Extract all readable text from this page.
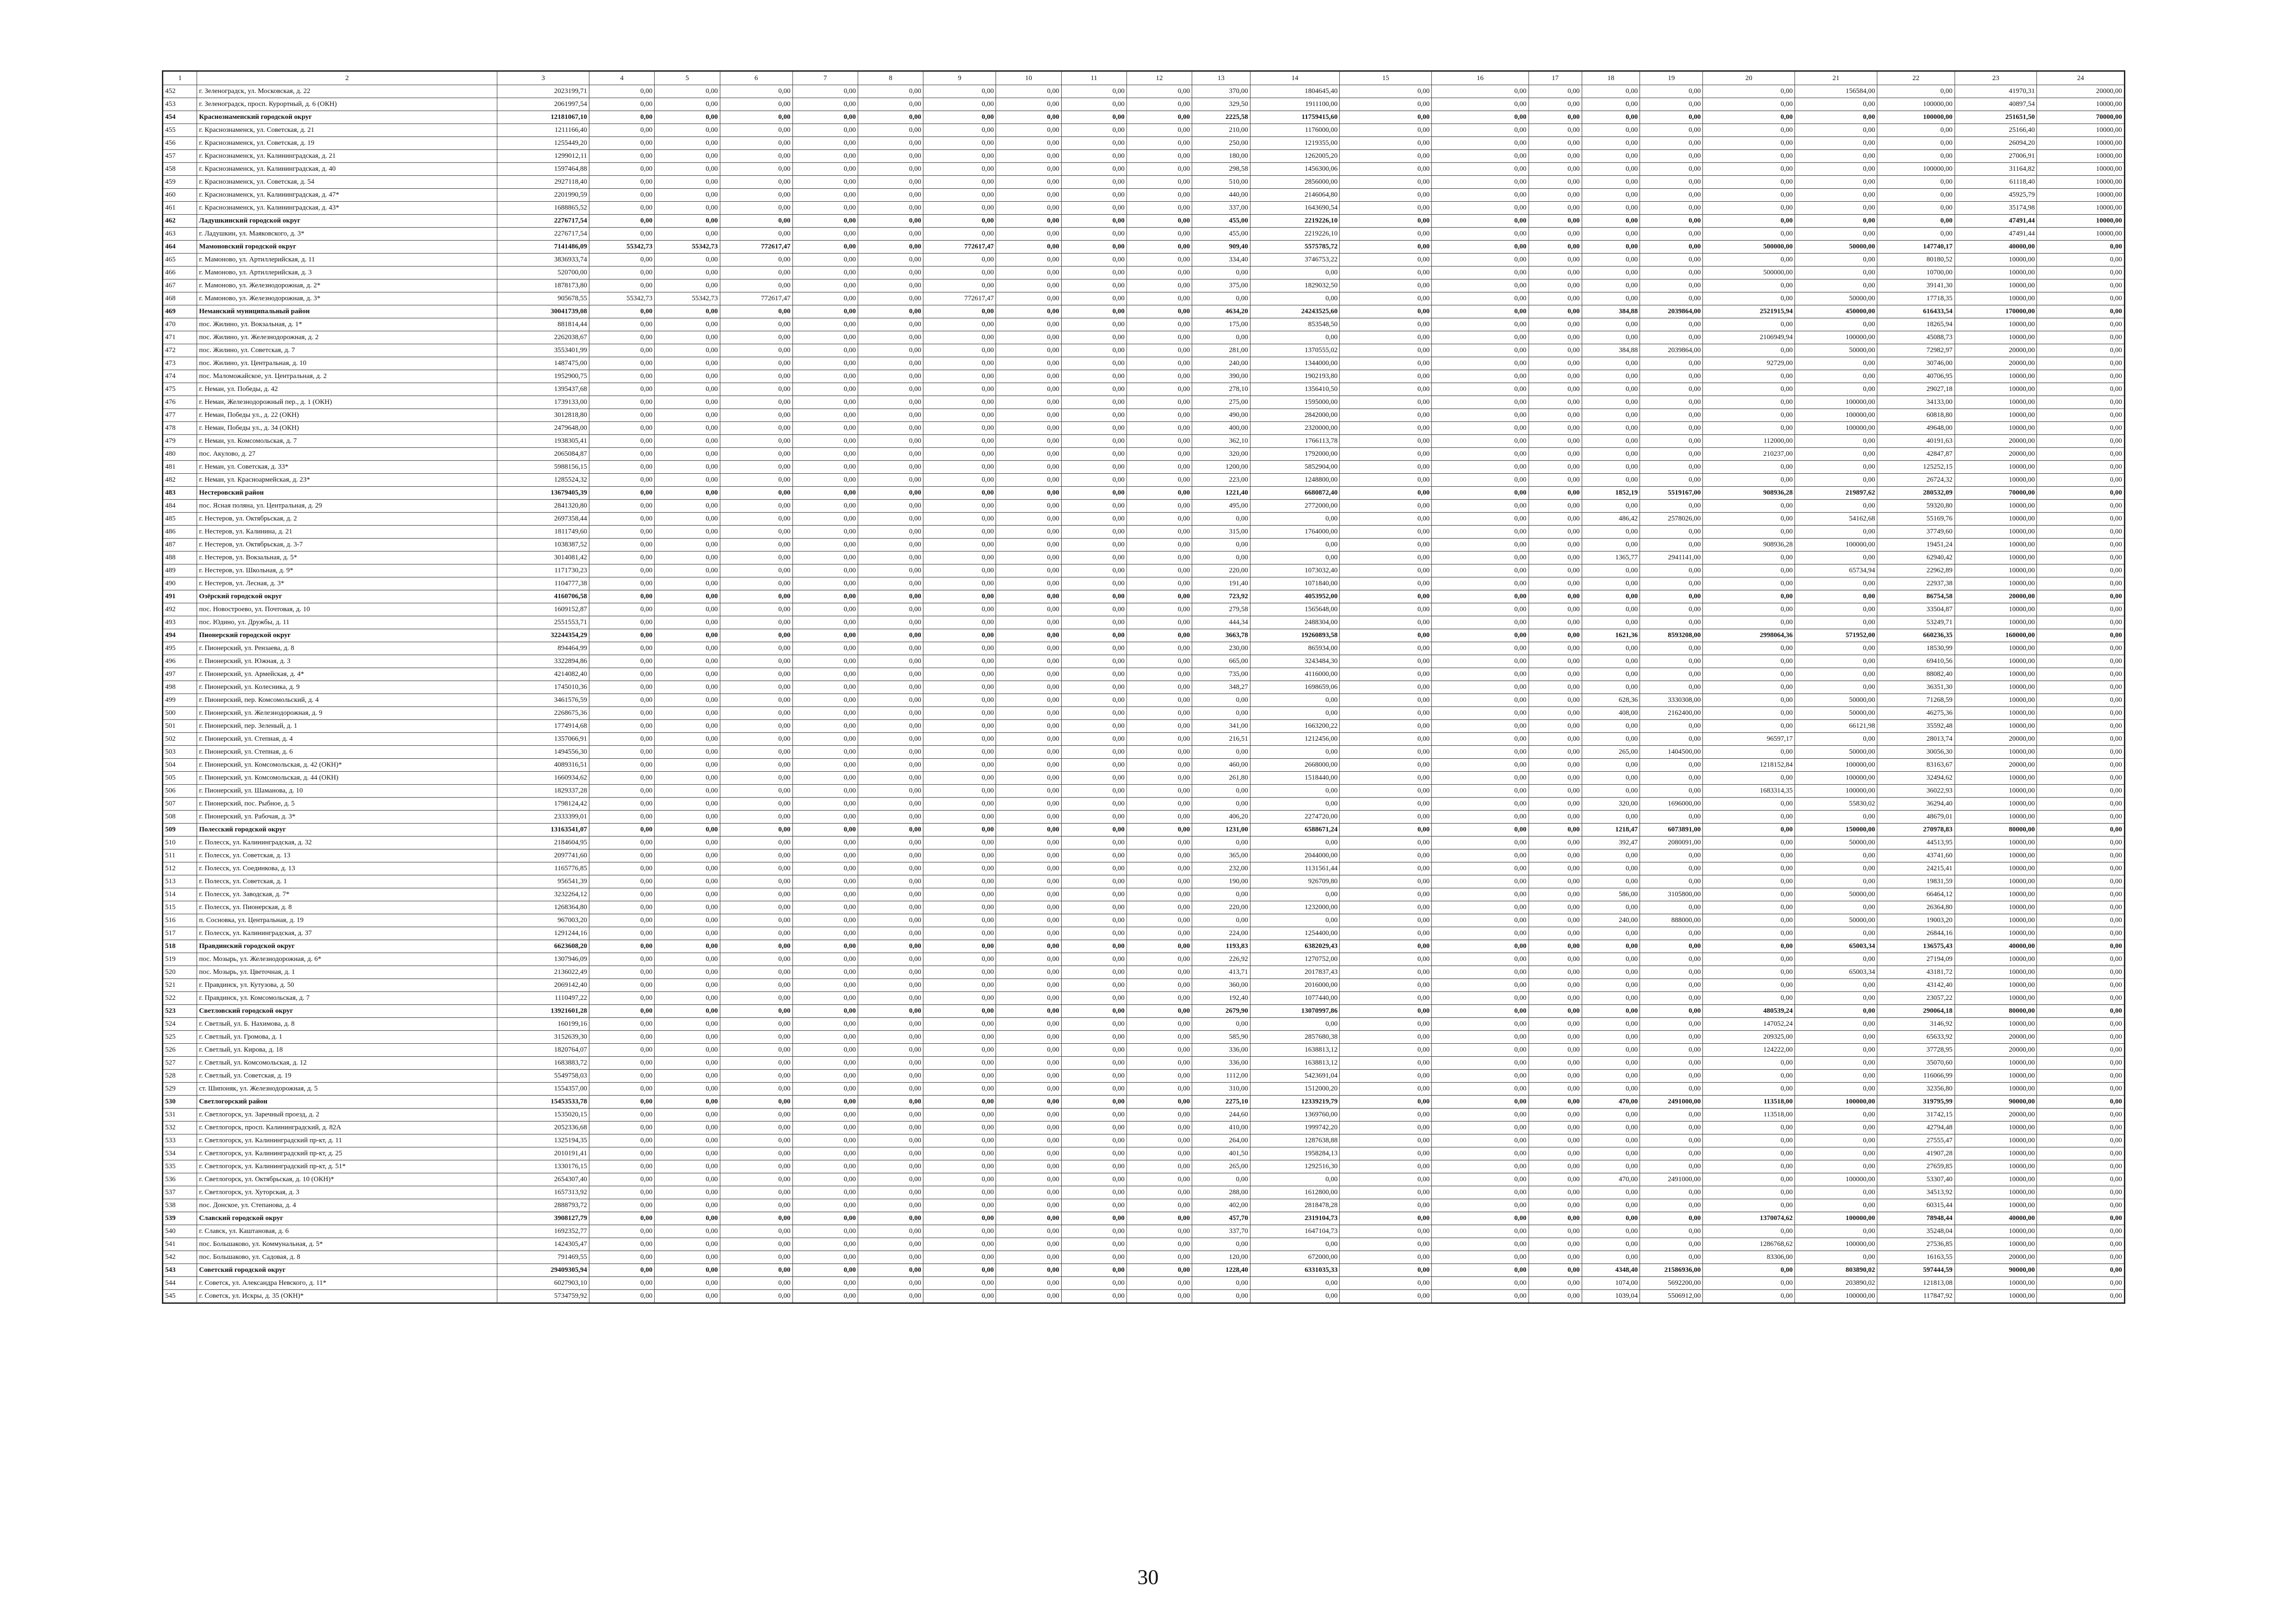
1	2	3	4	5	6	7	8	9	10	11	12	13	14	15	16	17	18	19	20	21	22	23	24
452	г. Зеленоградск, ул. Московская, д. 22	2023199,71	0,00	0,00	0,00	0,00	0,00	0,00	0,00	0,00	0,00	370,00	1804645,40	0,00	0,00	0,00	0,00	0,00	0,00	156584,00	0,00	41970,31	20000,00
453	г. Зеленоградск, просп. Курортный, д. 6 (ОКН)	2061997,54	0,00	0,00	0,00	0,00	0,00	0,00	0,00	0,00	0,00	329,50	1911100,00	0,00	0,00	0,00	0,00	0,00	0,00	0,00	100000,00	40897,54	10000,00
454	Краснознаменский городской округ	12181067,10	0,00	0,00	0,00	0,00	0,00	0,00	0,00	0,00	0,00	2225,58	11759415,60	0,00	0,00	0,00	0,00	0,00	0,00	0,00	100000,00	251651,50	70000,00
455	г. Краснознаменск, ул. Советская, д. 21	1211166,40	0,00	0,00	0,00	0,00	0,00	0,00	0,00	0,00	0,00	210,00	1176000,00	0,00	0,00	0,00	0,00	0,00	0,00	0,00	0,00	25166,40	10000,00
456	г. Краснознаменск, ул. Советская, д. 19	1255449,20	0,00	0,00	0,00	0,00	0,00	0,00	0,00	0,00	0,00	250,00	1219355,00	0,00	0,00	0,00	0,00	0,00	0,00	0,00	0,00	26094,20	10000,00
457	г. Краснознаменск, ул. Калининградская, д. 21	1299012,11	0,00	0,00	0,00	0,00	0,00	0,00	0,00	0,00	0,00	180,00	1262005,20	0,00	0,00	0,00	0,00	0,00	0,00	0,00	0,00	27006,91	10000,00
458	г. Краснознаменск, ул. Калининградская, д. 40	1597464,88	0,00	0,00	0,00	0,00	0,00	0,00	0,00	0,00	0,00	298,58	1456300,06	0,00	0,00	0,00	0,00	0,00	0,00	0,00	100000,00	31164,82	10000,00
459	г. Краснознаменск, ул. Советская, д. 54	2927118,40	0,00	0,00	0,00	0,00	0,00	0,00	0,00	0,00	0,00	510,00	2856000,00	0,00	0,00	0,00	0,00	0,00	0,00	0,00	0,00	61118,40	10000,00
460	г. Краснознаменск, ул. Калининградская, д. 47*	2201990,59	0,00	0,00	0,00	0,00	0,00	0,00	0,00	0,00	0,00	440,00	2146064,80	0,00	0,00	0,00	0,00	0,00	0,00	0,00	0,00	45925,79	10000,00
461	г. Краснознаменск, ул. Калининградская, д. 43*	1688865,52	0,00	0,00	0,00	0,00	0,00	0,00	0,00	0,00	0,00	337,00	1643690,54	0,00	0,00	0,00	0,00	0,00	0,00	0,00	0,00	35174,98	10000,00
462	Ладушкинский городской округ	2276717,54	0,00	0,00	0,00	0,00	0,00	0,00	0,00	0,00	0,00	455,00	2219226,10	0,00	0,00	0,00	0,00	0,00	0,00	0,00	0,00	47491,44	10000,00
463	г. Ладушкин, ул. Маяковского, д. 3*	2276717,54	0,00	0,00	0,00	0,00	0,00	0,00	0,00	0,00	0,00	455,00	2219226,10	0,00	0,00	0,00	0,00	0,00	0,00	0,00	0,00	47491,44	10000,00
464	Мамоновский городской округ	7141486,09	55342,73	55342,73	772617,47	0,00	0,00	772617,47	0,00	0,00	0,00	909,40	5575785,72	0,00	0,00	0,00	0,00	0,00	500000,00	50000,00	147740,17	40000,00	0,00
465	г. Мамоново, ул. Артиллерийская, д. 11	3836933,74	0,00	0,00	0,00	0,00	0,00	0,00	0,00	0,00	0,00	334,40	3746753,22	0,00	0,00	0,00	0,00	0,00	0,00	0,00	80180,52	10000,00	0,00
466	г. Мамоново, ул. Артиллерийская, д. 3	520700,00	0,00	0,00	0,00	0,00	0,00	0,00	0,00	0,00	0,00	0,00	0,00	0,00	0,00	0,00	0,00	0,00	500000,00	0,00	10700,00	10000,00	0,00
467	г. Мамоново, ул. Железнодорожная, д. 2*	1878173,80	0,00	0,00	0,00	0,00	0,00	0,00	0,00	0,00	0,00	375,00	1829032,50	0,00	0,00	0,00	0,00	0,00	0,00	0,00	39141,30	10000,00	0,00
468	г. Мамоново, ул. Железнодорожная, д. 3*	905678,55	55342,73	55342,73	772617,47	0,00	0,00	772617,47	0,00	0,00	0,00	0,00	0,00	0,00	0,00	0,00	0,00	0,00	0,00	50000,00	17718,35	10000,00	0,00
469	Неманский муниципальный район	30041739,08	0,00	0,00	0,00	0,00	0,00	0,00	0,00	0,00	0,00	4634,20	24243525,60	0,00	0,00	0,00	384,88	2039864,00	2521915,94	450000,00	616433,54	170000,00	0,00
470	пос. Жилино, ул. Вокзальная, д. 1*	881814,44	0,00	0,00	0,00	0,00	0,00	0,00	0,00	0,00	0,00	175,00	853548,50	0,00	0,00	0,00	0,00	0,00	0,00	0,00	18265,94	10000,00	0,00
471	пос. Жилино, ул. Железнодорожная, д. 2	2262038,67	0,00	0,00	0,00	0,00	0,00	0,00	0,00	0,00	0,00	0,00	0,00	0,00	0,00	0,00	0,00	0,00	2106949,94	100000,00	45088,73	10000,00	0,00
472	пос. Жилино, ул. Советская, д. 7	3553401,99	0,00	0,00	0,00	0,00	0,00	0,00	0,00	0,00	0,00	281,00	1370555,02	0,00	0,00	0,00	384,88	2039864,00	0,00	50000,00	72982,97	20000,00	0,00
473	пос. Жилино, ул. Центральная, д. 10	1487475,00	0,00	0,00	0,00	0,00	0,00	0,00	0,00	0,00	0,00	240,00	1344000,00	0,00	0,00	0,00	0,00	0,00	92729,00	0,00	30746,00	20000,00	0,00
474	пос. Маломожайское, ул. Центральная, д. 2	1952900,75	0,00	0,00	0,00	0,00	0,00	0,00	0,00	0,00	0,00	390,00	1902193,80	0,00	0,00	0,00	0,00	0,00	0,00	0,00	40706,95	10000,00	0,00
475	г. Неман, ул. Победы, д. 42	1395437,68	0,00	0,00	0,00	0,00	0,00	0,00	0,00	0,00	0,00	278,10	1356410,50	0,00	0,00	0,00	0,00	0,00	0,00	0,00	29027,18	10000,00	0,00
476	г. Неман, Железнодорожный пер., д. 1 (ОКН)	1739133,00	0,00	0,00	0,00	0,00	0,00	0,00	0,00	0,00	0,00	275,00	1595000,00	0,00	0,00	0,00	0,00	0,00	0,00	100000,00	34133,00	10000,00	0,00
477	г. Неман, Победы ул., д. 22 (ОКН)	3012818,80	0,00	0,00	0,00	0,00	0,00	0,00	0,00	0,00	0,00	490,00	2842000,00	0,00	0,00	0,00	0,00	0,00	0,00	100000,00	60818,80	10000,00	0,00
478	г. Неман, Победы ул., д. 34 (ОКН)	2479648,00	0,00	0,00	0,00	0,00	0,00	0,00	0,00	0,00	0,00	400,00	2320000,00	0,00	0,00	0,00	0,00	0,00	0,00	100000,00	49648,00	10000,00	0,00
479	г. Неман, ул. Комсомольская, д. 7	1938305,41	0,00	0,00	0,00	0,00	0,00	0,00	0,00	0,00	0,00	362,10	1766113,78	0,00	0,00	0,00	0,00	0,00	112000,00	0,00	40191,63	20000,00	0,00
480	пос. Акулово, д. 27	2065084,87	0,00	0,00	0,00	0,00	0,00	0,00	0,00	0,00	0,00	320,00	1792000,00	0,00	0,00	0,00	0,00	0,00	210237,00	0,00	42847,87	20000,00	0,00
481	г. Неман, ул. Советская, д. 33*	5988156,15	0,00	0,00	0,00	0,00	0,00	0,00	0,00	0,00	0,00	1200,00	5852904,00	0,00	0,00	0,00	0,00	0,00	0,00	0,00	125252,15	10000,00	0,00
482	г. Неман, ул. Красноармейская, д. 23*	1285524,32	0,00	0,00	0,00	0,00	0,00	0,00	0,00	0,00	0,00	223,00	1248800,00	0,00	0,00	0,00	0,00	0,00	0,00	0,00	26724,32	10000,00	0,00
483	Нестеровский район	13679405,39	0,00	0,00	0,00	0,00	0,00	0,00	0,00	0,00	0,00	1221,40	6680872,40	0,00	0,00	0,00	1852,19	5519167,00	908936,28	219897,62	280532,09	70000,00	0,00
484	пос. Ясная поляна, ул. Центральная, д. 29	2841320,80	0,00	0,00	0,00	0,00	0,00	0,00	0,00	0,00	0,00	495,00	2772000,00	0,00	0,00	0,00	0,00	0,00	0,00	0,00	59320,80	10000,00	0,00
485	г. Нестеров, ул. Октябрьская, д. 2	2697358,44	0,00	0,00	0,00	0,00	0,00	0,00	0,00	0,00	0,00	0,00	0,00	0,00	0,00	0,00	486,42	2578026,00	0,00	54162,68	55169,76	10000,00	0,00
486	г. Нестеров, ул. Калинина, д. 21	1811749,60	0,00	0,00	0,00	0,00	0,00	0,00	0,00	0,00	0,00	315,00	1764000,00	0,00	0,00	0,00	0,00	0,00	0,00	0,00	37749,60	10000,00	0,00
487	г. Нестеров, ул. Октябрьская, д. 3-7	1038387,52	0,00	0,00	0,00	0,00	0,00	0,00	0,00	0,00	0,00	0,00	0,00	0,00	0,00	0,00	0,00	0,00	908936,28	100000,00	19451,24	10000,00	0,00
488	г. Нестеров, ул. Вокзальная, д. 5*	3014081,42	0,00	0,00	0,00	0,00	0,00	0,00	0,00	0,00	0,00	0,00	0,00	0,00	0,00	0,00	1365,77	2941141,00	0,00	0,00	62940,42	10000,00	0,00
489	г. Нестеров, ул. Школьная, д. 9*	1171730,23	0,00	0,00	0,00	0,00	0,00	0,00	0,00	0,00	0,00	220,00	1073032,40	0,00	0,00	0,00	0,00	0,00	0,00	65734,94	22962,89	10000,00	0,00
490	г. Нестеров, ул. Лесная, д. 3*	1104777,38	0,00	0,00	0,00	0,00	0,00	0,00	0,00	0,00	0,00	191,40	1071840,00	0,00	0,00	0,00	0,00	0,00	0,00	0,00	22937,38	10000,00	0,00
491	Озёрский городской округ	4160706,58	0,00	0,00	0,00	0,00	0,00	0,00	0,00	0,00	0,00	723,92	4053952,00	0,00	0,00	0,00	0,00	0,00	0,00	0,00	86754,58	20000,00	0,00
492	пос. Новостроево, ул. Почтовая, д. 10	1609152,87	0,00	0,00	0,00	0,00	0,00	0,00	0,00	0,00	0,00	279,58	1565648,00	0,00	0,00	0,00	0,00	0,00	0,00	0,00	33504,87	10000,00	0,00
493	пос. Юдино, ул. Дружбы, д. 11	2551553,71	0,00	0,00	0,00	0,00	0,00	0,00	0,00	0,00	0,00	444,34	2488304,00	0,00	0,00	0,00	0,00	0,00	0,00	0,00	53249,71	10000,00	0,00
494	Пионерский городской округ	32244354,29	0,00	0,00	0,00	0,00	0,00	0,00	0,00	0,00	0,00	3663,78	19260893,58	0,00	0,00	0,00	1621,36	8593208,00	2998064,36	571952,00	660236,35	160000,00	0,00
495	г. Пионерский, ул. Рензаева, д. 8	894464,99	0,00	0,00	0,00	0,00	0,00	0,00	0,00	0,00	0,00	230,00	865934,00	0,00	0,00	0,00	0,00	0,00	0,00	0,00	18530,99	10000,00	0,00
496	г. Пионерский, ул. Южная, д. 3	3322894,86	0,00	0,00	0,00	0,00	0,00	0,00	0,00	0,00	0,00	665,00	3243484,30	0,00	0,00	0,00	0,00	0,00	0,00	0,00	69410,56	10000,00	0,00
497	г. Пионерский, ул. Армейская, д. 4*	4214082,40	0,00	0,00	0,00	0,00	0,00	0,00	0,00	0,00	0,00	735,00	4116000,00	0,00	0,00	0,00	0,00	0,00	0,00	0,00	88082,40	10000,00	0,00
498	г. Пионерский, ул. Колесника, д. 9	1745010,36	0,00	0,00	0,00	0,00	0,00	0,00	0,00	0,00	0,00	348,27	1698659,06	0,00	0,00	0,00	0,00	0,00	0,00	0,00	36351,30	10000,00	0,00
499	г. Пионерский, пер. Комсомольский, д. 4	3461576,59	0,00	0,00	0,00	0,00	0,00	0,00	0,00	0,00	0,00	0,00	0,00	0,00	0,00	0,00	628,36	3330308,00	0,00	50000,00	71268,59	10000,00	0,00
500	г. Пионерский, ул. Железнодорожная, д. 9	2268675,36	0,00	0,00	0,00	0,00	0,00	0,00	0,00	0,00	0,00	0,00	0,00	0,00	0,00	0,00	408,00	2162400,00	0,00	50000,00	46275,36	10000,00	0,00
501	г. Пионерский, пер. Зеленый, д. 1	1774914,68	0,00	0,00	0,00	0,00	0,00	0,00	0,00	0,00	0,00	341,00	1663200,22	0,00	0,00	0,00	0,00	0,00	0,00	66121,98	35592,48	10000,00	0,00
502	г. Пионерский, ул. Степная, д. 4	1357066,91	0,00	0,00	0,00	0,00	0,00	0,00	0,00	0,00	0,00	216,51	1212456,00	0,00	0,00	0,00	0,00	0,00	96597,17	0,00	28013,74	20000,00	0,00
503	г. Пионерский, ул. Степная, д. 6	1494556,30	0,00	0,00	0,00	0,00	0,00	0,00	0,00	0,00	0,00	0,00	0,00	0,00	0,00	0,00	265,00	1404500,00	0,00	50000,00	30056,30	10000,00	0,00
504	г. Пионерский, ул. Комсомольская, д. 42 (ОКН)*	4089316,51	0,00	0,00	0,00	0,00	0,00	0,00	0,00	0,00	0,00	460,00	2668000,00	0,00	0,00	0,00	0,00	0,00	1218152,84	100000,00	83163,67	20000,00	0,00
505	г. Пионерский, ул. Комсомольская, д. 44 (ОКН)	1660934,62	0,00	0,00	0,00	0,00	0,00	0,00	0,00	0,00	0,00	261,80	1518440,00	0,00	0,00	0,00	0,00	0,00	0,00	100000,00	32494,62	10000,00	0,00
506	г. Пионерский, ул. Шаманова, д. 10	1829337,28	0,00	0,00	0,00	0,00	0,00	0,00	0,00	0,00	0,00	0,00	0,00	0,00	0,00	0,00	0,00	0,00	1683314,35	100000,00	36022,93	10000,00	0,00
507	г. Пионерский, пос. Рыбное, д. 5	1798124,42	0,00	0,00	0,00	0,00	0,00	0,00	0,00	0,00	0,00	0,00	0,00	0,00	0,00	0,00	320,00	1696000,00	0,00	55830,02	36294,40	10000,00	0,00
508	г. Пионерский, ул. Рабочая, д. 3*	2333399,01	0,00	0,00	0,00	0,00	0,00	0,00	0,00	0,00	0,00	406,20	2274720,00	0,00	0,00	0,00	0,00	0,00	0,00	0,00	48679,01	10000,00	0,00
509	Полесский городской округ	13163541,07	0,00	0,00	0,00	0,00	0,00	0,00	0,00	0,00	0,00	1231,00	6588671,24	0,00	0,00	0,00	1218,47	6073891,00	0,00	150000,00	270978,83	80000,00	0,00
510	г. Полесск, ул. Калининградская, д. 32	2184604,95	0,00	0,00	0,00	0,00	0,00	0,00	0,00	0,00	0,00	0,00	0,00	0,00	0,00	0,00	392,47	2080091,00	0,00	50000,00	44513,95	10000,00	0,00
511	г. Полесск, ул. Советская, д. 13	2097741,60	0,00	0,00	0,00	0,00	0,00	0,00	0,00	0,00	0,00	365,00	2044000,00	0,00	0,00	0,00	0,00	0,00	0,00	0,00	43741,60	10000,00	0,00
512	г. Полесск, ул. Соединкова, д. 13	1165776,85	0,00	0,00	0,00	0,00	0,00	0,00	0,00	0,00	0,00	232,00	1131561,44	0,00	0,00	0,00	0,00	0,00	0,00	0,00	24215,41	10000,00	0,00
513	г. Полесск, ул. Советская, д. 1	956541,39	0,00	0,00	0,00	0,00	0,00	0,00	0,00	0,00	0,00	190,00	926709,80	0,00	0,00	0,00	0,00	0,00	0,00	0,00	19831,59	10000,00	0,00
514	г. Полесск, ул. Заводская, д. 7*	3232264,12	0,00	0,00	0,00	0,00	0,00	0,00	0,00	0,00	0,00	0,00	0,00	0,00	0,00	0,00	586,00	3105800,00	0,00	50000,00	66464,12	10000,00	0,00
515	г. Полесск, ул. Пионерская, д. 8	1268364,80	0,00	0,00	0,00	0,00	0,00	0,00	0,00	0,00	0,00	220,00	1232000,00	0,00	0,00	0,00	0,00	0,00	0,00	0,00	26364,80	10000,00	0,00
516	п. Сосновка, ул. Центральная, д. 19	967003,20	0,00	0,00	0,00	0,00	0,00	0,00	0,00	0,00	0,00	0,00	0,00	0,00	0,00	0,00	240,00	888000,00	0,00	50000,00	19003,20	10000,00	0,00
517	г. Полесск, ул. Калининградская, д. 37	1291244,16	0,00	0,00	0,00	0,00	0,00	0,00	0,00	0,00	0,00	224,00	1254400,00	0,00	0,00	0,00	0,00	0,00	0,00	0,00	26844,16	10000,00	0,00
518	Правдинский городской округ	6623608,20	0,00	0,00	0,00	0,00	0,00	0,00	0,00	0,00	0,00	1193,83	6382029,43	0,00	0,00	0,00	0,00	0,00	0,00	65003,34	136575,43	40000,00	0,00
519	пос. Мозырь, ул. Железнодорожная, д. 6*	1307946,09	0,00	0,00	0,00	0,00	0,00	0,00	0,00	0,00	0,00	226,92	1270752,00	0,00	0,00	0,00	0,00	0,00	0,00	0,00	27194,09	10000,00	0,00
520	пос. Мозырь, ул. Цветочная, д. 1	2136022,49	0,00	0,00	0,00	0,00	0,00	0,00	0,00	0,00	0,00	413,71	2017837,43	0,00	0,00	0,00	0,00	0,00	0,00	65003,34	43181,72	10000,00	0,00
521	г. Правдинск, ул. Кутузова, д. 50	2069142,40	0,00	0,00	0,00	0,00	0,00	0,00	0,00	0,00	0,00	360,00	2016000,00	0,00	0,00	0,00	0,00	0,00	0,00	0,00	43142,40	10000,00	0,00
522	г. Правдинск, ул. Комсомольская, д. 7	1110497,22	0,00	0,00	0,00	0,00	0,00	0,00	0,00	0,00	0,00	192,40	1077440,00	0,00	0,00	0,00	0,00	0,00	0,00	0,00	23057,22	10000,00	0,00
523	Светловский городской округ	13921601,28	0,00	0,00	0,00	0,00	0,00	0,00	0,00	0,00	0,00	2679,90	13070997,86	0,00	0,00	0,00	0,00	0,00	480539,24	0,00	290064,18	80000,00	0,00
524	г. Светлый, ул. Б. Нахимова, д. 8	160199,16	0,00	0,00	0,00	0,00	0,00	0,00	0,00	0,00	0,00	0,00	0,00	0,00	0,00	0,00	0,00	0,00	147052,24	0,00	3146,92	10000,00	0,00
525	г. Светлый, ул. Громова, д. 1	3152639,30	0,00	0,00	0,00	0,00	0,00	0,00	0,00	0,00	0,00	585,90	2857680,38	0,00	0,00	0,00	0,00	0,00	209325,00	0,00	65633,92	20000,00	0,00
526	г. Светлый, ул. Кирова, д. 18	1820764,07	0,00	0,00	0,00	0,00	0,00	0,00	0,00	0,00	0,00	336,00	1638813,12	0,00	0,00	0,00	0,00	0,00	124222,00	0,00	37728,95	20000,00	0,00
527	г. Светлый, ул. Комсомольская, д. 12	1683883,72	0,00	0,00	0,00	0,00	0,00	0,00	0,00	0,00	0,00	336,00	1638813,12	0,00	0,00	0,00	0,00	0,00	0,00	0,00	35070,60	10000,00	0,00
528	г. Светлый, ул. Советская, д. 19	5549758,03	0,00	0,00	0,00	0,00	0,00	0,00	0,00	0,00	0,00	1112,00	5423691,04	0,00	0,00	0,00	0,00	0,00	0,00	0,00	116066,99	10000,00	0,00
529	ст. Шипоняк, ул. Железнодорожная, д. 5	1554357,00	0,00	0,00	0,00	0,00	0,00	0,00	0,00	0,00	0,00	310,00	1512000,20	0,00	0,00	0,00	0,00	0,00	0,00	0,00	32356,80	10000,00	0,00
530	Светлогорский район	15453533,78	0,00	0,00	0,00	0,00	0,00	0,00	0,00	0,00	0,00	2275,10	12339219,79	0,00	0,00	0,00	470,00	2491000,00	113518,00	100000,00	319795,99	90000,00	0,00
531	г. Светлогорск, ул. Заречный проезд, д. 2	1535020,15	0,00	0,00	0,00	0,00	0,00	0,00	0,00	0,00	0,00	244,60	1369760,00	0,00	0,00	0,00	0,00	0,00	113518,00	0,00	31742,15	20000,00	0,00
532	г. Светлогорск, просп. Калининградский, д. 82А	2052336,68	0,00	0,00	0,00	0,00	0,00	0,00	0,00	0,00	0,00	410,00	1999742,20	0,00	0,00	0,00	0,00	0,00	0,00	0,00	42794,48	10000,00	0,00
533	г. Светлогорск, ул. Калининградский пр-кт, д. 11	1325194,35	0,00	0,00	0,00	0,00	0,00	0,00	0,00	0,00	0,00	264,00	1287638,88	0,00	0,00	0,00	0,00	0,00	0,00	0,00	27555,47	10000,00	0,00
534	г. Светлогорск, ул. Калининградский пр-кт, д. 25	2010191,41	0,00	0,00	0,00	0,00	0,00	0,00	0,00	0,00	0,00	401,50	1958284,13	0,00	0,00	0,00	0,00	0,00	0,00	0,00	41907,28	10000,00	0,00
535	г. Светлогорск, ул. Калининградский пр-кт, д. 51*	1330176,15	0,00	0,00	0,00	0,00	0,00	0,00	0,00	0,00	0,00	265,00	1292516,30	0,00	0,00	0,00	0,00	0,00	0,00	0,00	27659,85	10000,00	0,00
536	г. Светлогорск, ул. Октябрьская, д. 10 (ОКН)*	2654307,40	0,00	0,00	0,00	0,00	0,00	0,00	0,00	0,00	0,00	0,00	0,00	0,00	0,00	0,00	470,00	2491000,00	0,00	100000,00	53307,40	10000,00	0,00
537	г. Светлогорск, ул. Хуторская, д. 3	1657313,92	0,00	0,00	0,00	0,00	0,00	0,00	0,00	0,00	0,00	288,00	1612800,00	0,00	0,00	0,00	0,00	0,00	0,00	0,00	34513,92	10000,00	0,00
538	пос. Донское, ул. Степанова, д. 4	2888793,72	0,00	0,00	0,00	0,00	0,00	0,00	0,00	0,00	0,00	402,00	2818478,28	0,00	0,00	0,00	0,00	0,00	0,00	0,00	60315,44	10000,00	0,00
539	Славский городской округ	3908127,79	0,00	0,00	0,00	0,00	0,00	0,00	0,00	0,00	0,00	457,70	2319104,73	0,00	0,00	0,00	0,00	0,00	1370074,62	100000,00	78948,44	40000,00	0,00
540	г. Славск, ул. Каштановая, д. 6	1692352,77	0,00	0,00	0,00	0,00	0,00	0,00	0,00	0,00	0,00	337,70	1647104,73	0,00	0,00	0,00	0,00	0,00	0,00	0,00	35248,04	10000,00	0,00
541	пос. Большаково, ул. Коммунальная, д. 5*	1424305,47	0,00	0,00	0,00	0,00	0,00	0,00	0,00	0,00	0,00	0,00	0,00	0,00	0,00	0,00	0,00	0,00	1286768,62	100000,00	27536,85	10000,00	0,00
542	пос. Большаково, ул. Садовая, д. 8	791469,55	0,00	0,00	0,00	0,00	0,00	0,00	0,00	0,00	0,00	120,00	672000,00	0,00	0,00	0,00	0,00	0,00	83306,00	0,00	16163,55	20000,00	0,00
543	Советский городской округ	29409305,94	0,00	0,00	0,00	0,00	0,00	0,00	0,00	0,00	0,00	1228,40	6331035,33	0,00	0,00	0,00	4348,40	21586936,00	0,00	803890,02	597444,59	90000,00	0,00
544	г. Советск, ул. Александра Невского, д. 11*	6027903,10	0,00	0,00	0,00	0,00	0,00	0,00	0,00	0,00	0,00	0,00	0,00	0,00	0,00	0,00	1074,00	5692200,00	0,00	203890,02	121813,08	10000,00	0,00
545	г. Советск, ул. Искры, д. 35 (ОКН)*	5734759,92	0,00	0,00	0,00	0,00	0,00	0,00	0,00	0,00	0,00	0,00	0,00	0,00	0,00	0,00	1039,04	5506912,00	0,00	100000,00	117847,92	10000,00	0,00
30
